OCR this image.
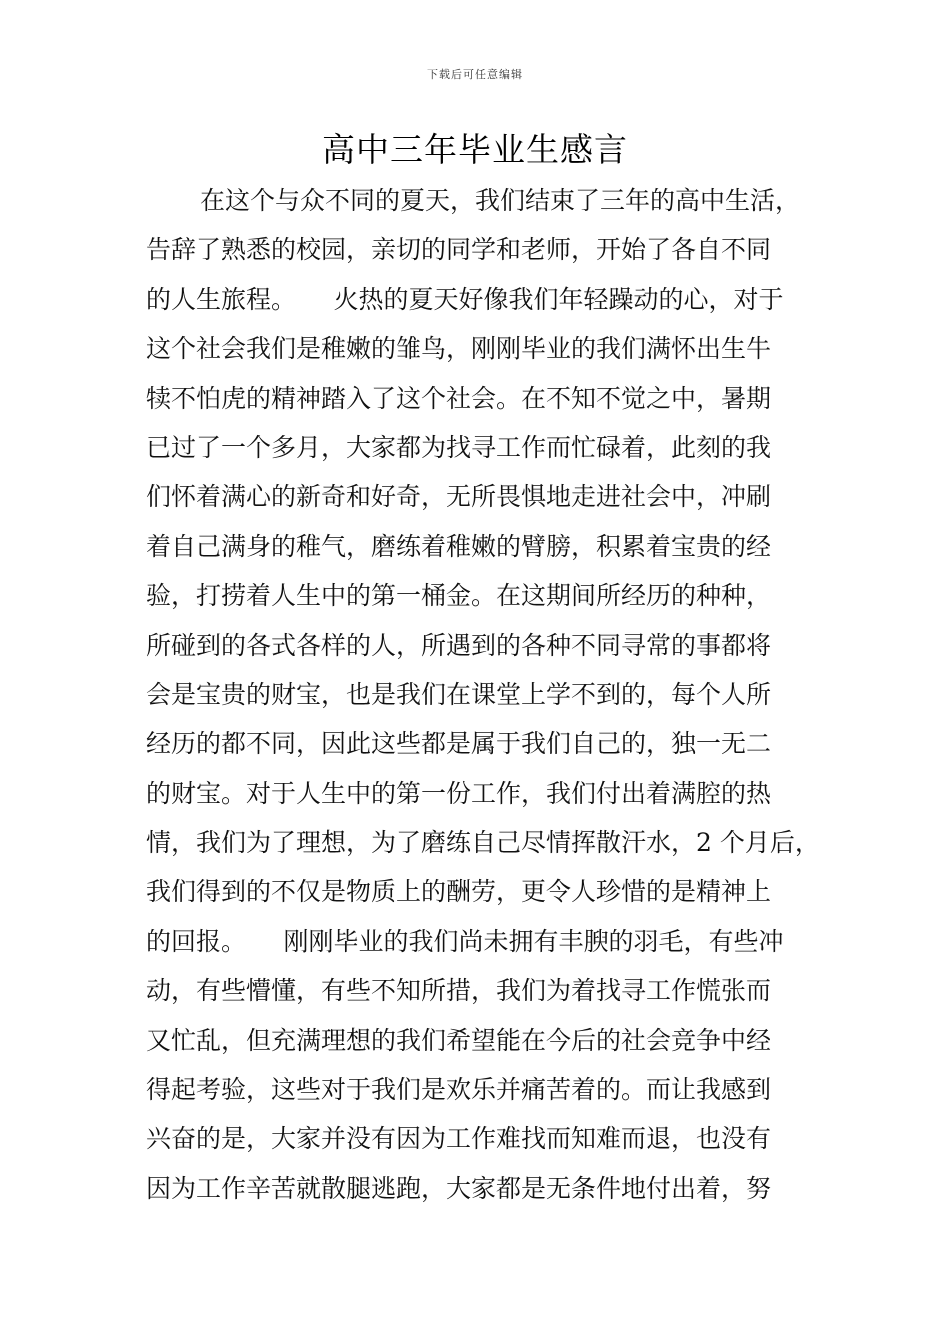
下载后可任意编辑
高中三年毕业生感言
在这个与众不同的夏天，我们结束了三年的高中生活，
告辞了熟悉的校园，亲切的同学和老师，开始了各自不同
的人生旅程。　　火热的夏天好像我们年轻躁动的心，对于
这个社会我们是稚嫩的雏鸟，刚刚毕业的我们满怀出生牛
犊不怕虎的精神踏入了这个社会。在不知不觉之中，暑期
已过了一个多月，大家都为找寻工作而忙碌着，此刻的我
们怀着满心的新奇和好奇，无所畏惧地走进社会中，冲刷
着自己满身的稚气，磨练着稚嫩的臂膀，积累着宝贵的经
验，打捞着人生中的第一桶金。在这期间所经历的种种，
所碰到的各式各样的人，所遇到的各种不同寻常的事都将
会是宝贵的财宝，也是我们在课堂上学不到的，每个人所
经历的都不同，因此这些都是属于我们自己的，独一无二
的财宝。对于人生中的第一份工作，我们付出着满腔的热
情，我们为了理想，为了磨练自己尽情挥散汗水，2 个月后，
我们得到的不仅是物质上的酬劳，更令人珍惜的是精神上
的回报。　　刚刚毕业的我们尚未拥有丰腴的羽毛，有些冲
动，有些懵懂，有些不知所措，我们为着找寻工作慌张而
又忙乱，但充满理想的我们希望能在今后的社会竞争中经
得起考验，这些对于我们是欢乐并痛苦着的。而让我感到
兴奋的是，大家并没有因为工作难找而知难而退，也没有
因为工作辛苦就散腿逃跑，大家都是无条件地付出着，努
